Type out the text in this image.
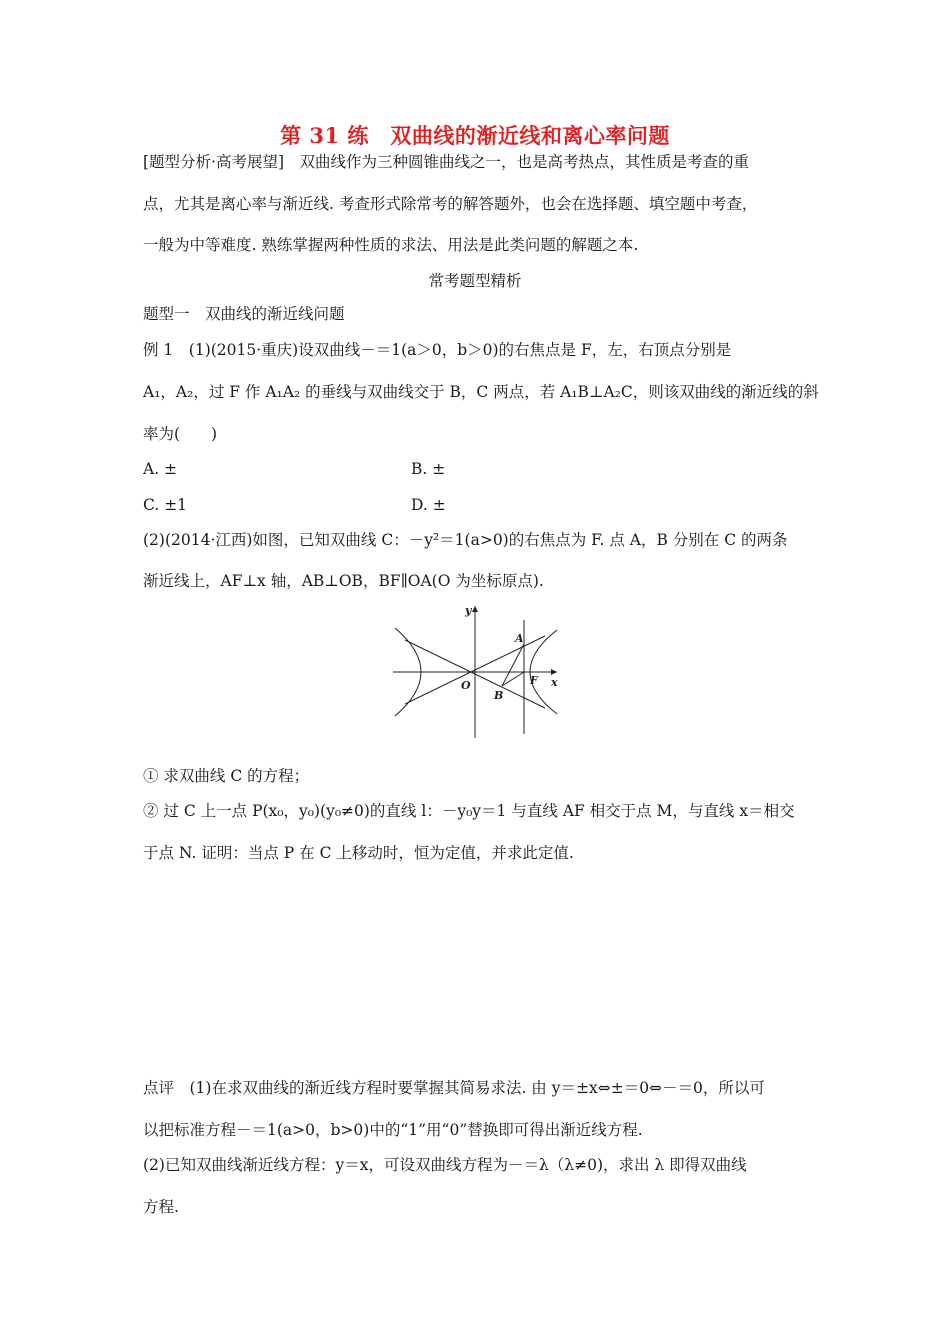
第 31 练　双曲线的渐近线和离心率问题
[题型分析·高考展望]　双曲线作为三种圆锥曲线之一，也是高考热点，其性质是考查的重
点，尤其是离心率与渐近线. 考查形式除常考的解答题外，也会在选择题、填空题中考查，
一般为中等难度. 熟练掌握两种性质的求法、用法是此类问题的解题之本.
常考题型精析
题型一　双曲线的渐近线问题
例 1　(1)(2015·重庆)设双曲线－＝1(a＞0，b＞0)的右焦点是 F，左，右顶点分别是
A₁，A₂，过 F 作 A₁A₂ 的垂线与双曲线交于 B，C 两点，若 A₁B⊥A₂C，则该双曲线的渐近线的斜
率为(　　)
A. ±	B. ±
C. ±1	D. ±
(2)(2014·江西)如图，已知双曲线 C：－y²＝1(a>0)的右焦点为 F. 点 A，B 分别在 C 的两条
渐近线上，AF⊥x 轴，AB⊥OB，BF∥OA(O 为坐标原点).
y
x
O
A
B
F
① 求双曲线 C 的方程；
② 过 C 上一点 P(x₀，y₀)(y₀≠0)的直线 l：－y₀y＝1 与直线 AF 相交于点 M，与直线 x＝相交
于点 N. 证明：当点 P 在 C 上移动时，恒为定值，并求此定值.
点评　(1)在求双曲线的渐近线方程时要掌握其简易求法. 由 y＝±x⇔±＝0⇔－＝0，所以可
以把标准方程－＝1(a>0，b>0)中的“1”用“0”替换即可得出渐近线方程.
(2)已知双曲线渐近线方程：y＝x，可设双曲线方程为－＝λ（λ≠0)，求出 λ 即得双曲线
方程.
